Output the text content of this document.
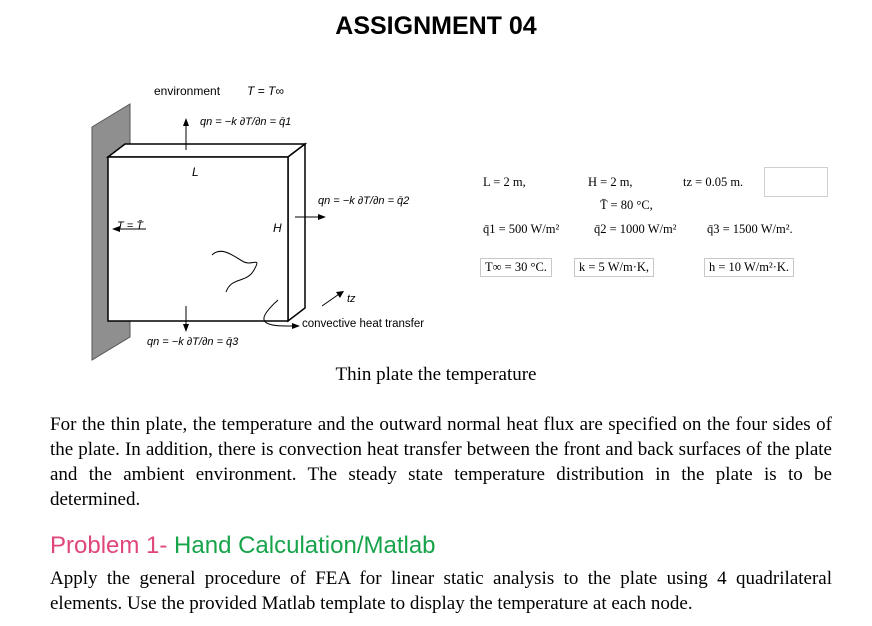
ASSIGNMENT 04
environment T = T∞
qn = −k ∂T/∂n = q̄1
L
qn = −k ∂T/∂n = q̄2
T = T̄	H
tz
convective heat transfer
qn = −k ∂T/∂n = q̄3
L = 2 m,	H = 2 m,	tz = 0.05 m.
T̄ = 80 °C,
q̄1 = 500 W/m²	q̄2 = 1000 W/m² q̄3 = 1500 W/m².
T∞ = 30 °C.	k = 5 W/m·K,	h = 10 W/m²·K.
Thin plate the temperature
For the thin plate, the temperature and the outward normal heat flux are specified on the four sides of the plate. In addition, there is convection heat transfer between the front and back surfaces of the plate and the ambient environment. The steady state temperature distribution in the plate is to be determined.
Problem 1- Hand Calculation/Matlab
Apply the general procedure of FEA for linear static analysis to the plate using 4 quadrilateral elements. Use the provided Matlab template to display the temperature at each node.
